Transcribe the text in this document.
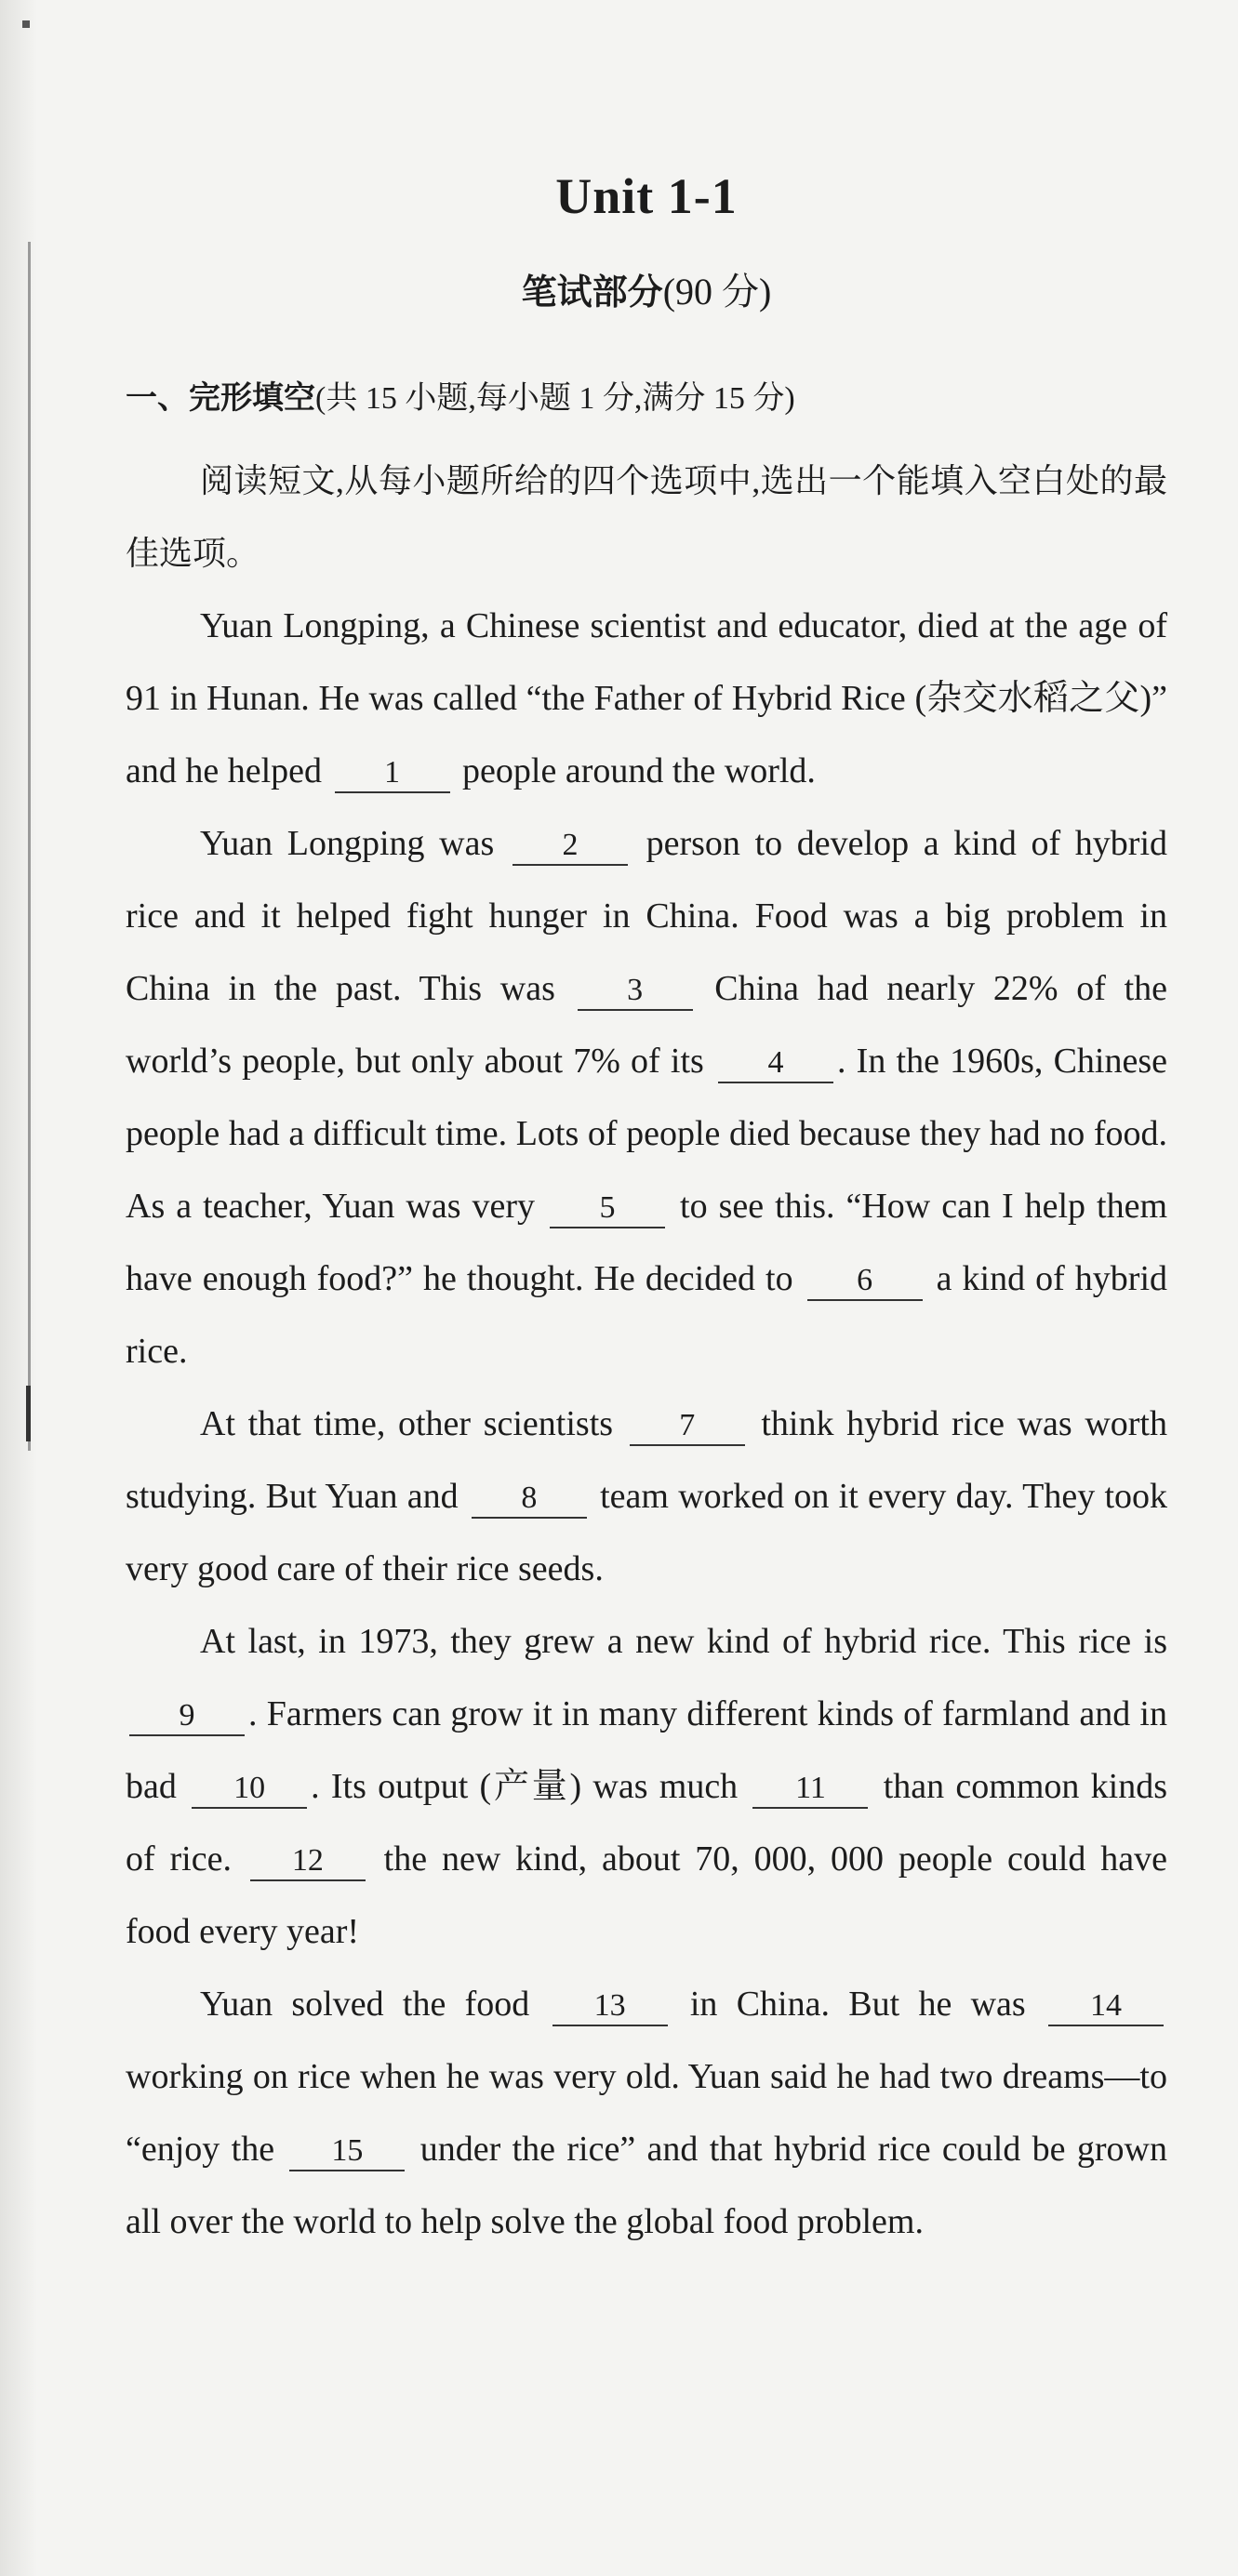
Unit 1-1
笔试部分(90 分)
一、完形填空(共 15 小题,每小题 1 分,满分 15 分)

阅读短文,从每小题所给的四个选项中,选出一个能填入空白处的最佳选项。

Yuan Longping, a Chinese scientist and educator, died at the age of 91 in Hunan. He was called “the Father of Hybrid Rice (杂交水稻之父)” and he helped 1 people around the world.

Yuan Longping was 2 person to develop a kind of hybrid rice and it helped fight hunger in China. Food was a big problem in China in the past. This was 3 China had nearly 22% of the world’s people, but only about 7% of its 4 . In the 1960s, Chinese people had a difficult time. Lots of people died because they had no food. As a teacher, Yuan was very 5 to see this. “How can I help them have enough food?” he thought. He decided to 6 a kind of hybrid rice.

At that time, other scientists 7 think hybrid rice was worth studying. But Yuan and 8 team worked on it every day. They took very good care of their rice seeds.

At last, in 1973, they grew a new kind of hybrid rice. This rice is 9 . Farmers can grow it in many different kinds of farmland and in bad 10 . Its output (产量) was much 11 than common kinds of rice. 12 the new kind, about 70, 000, 000 people could have food every year!

Yuan solved the food 13 in China. But he was 14 working on rice when he was very old. Yuan said he had two dreams—to “enjoy the 15 under the rice” and that hybrid rice could be grown all over the world to help solve the global food problem.
